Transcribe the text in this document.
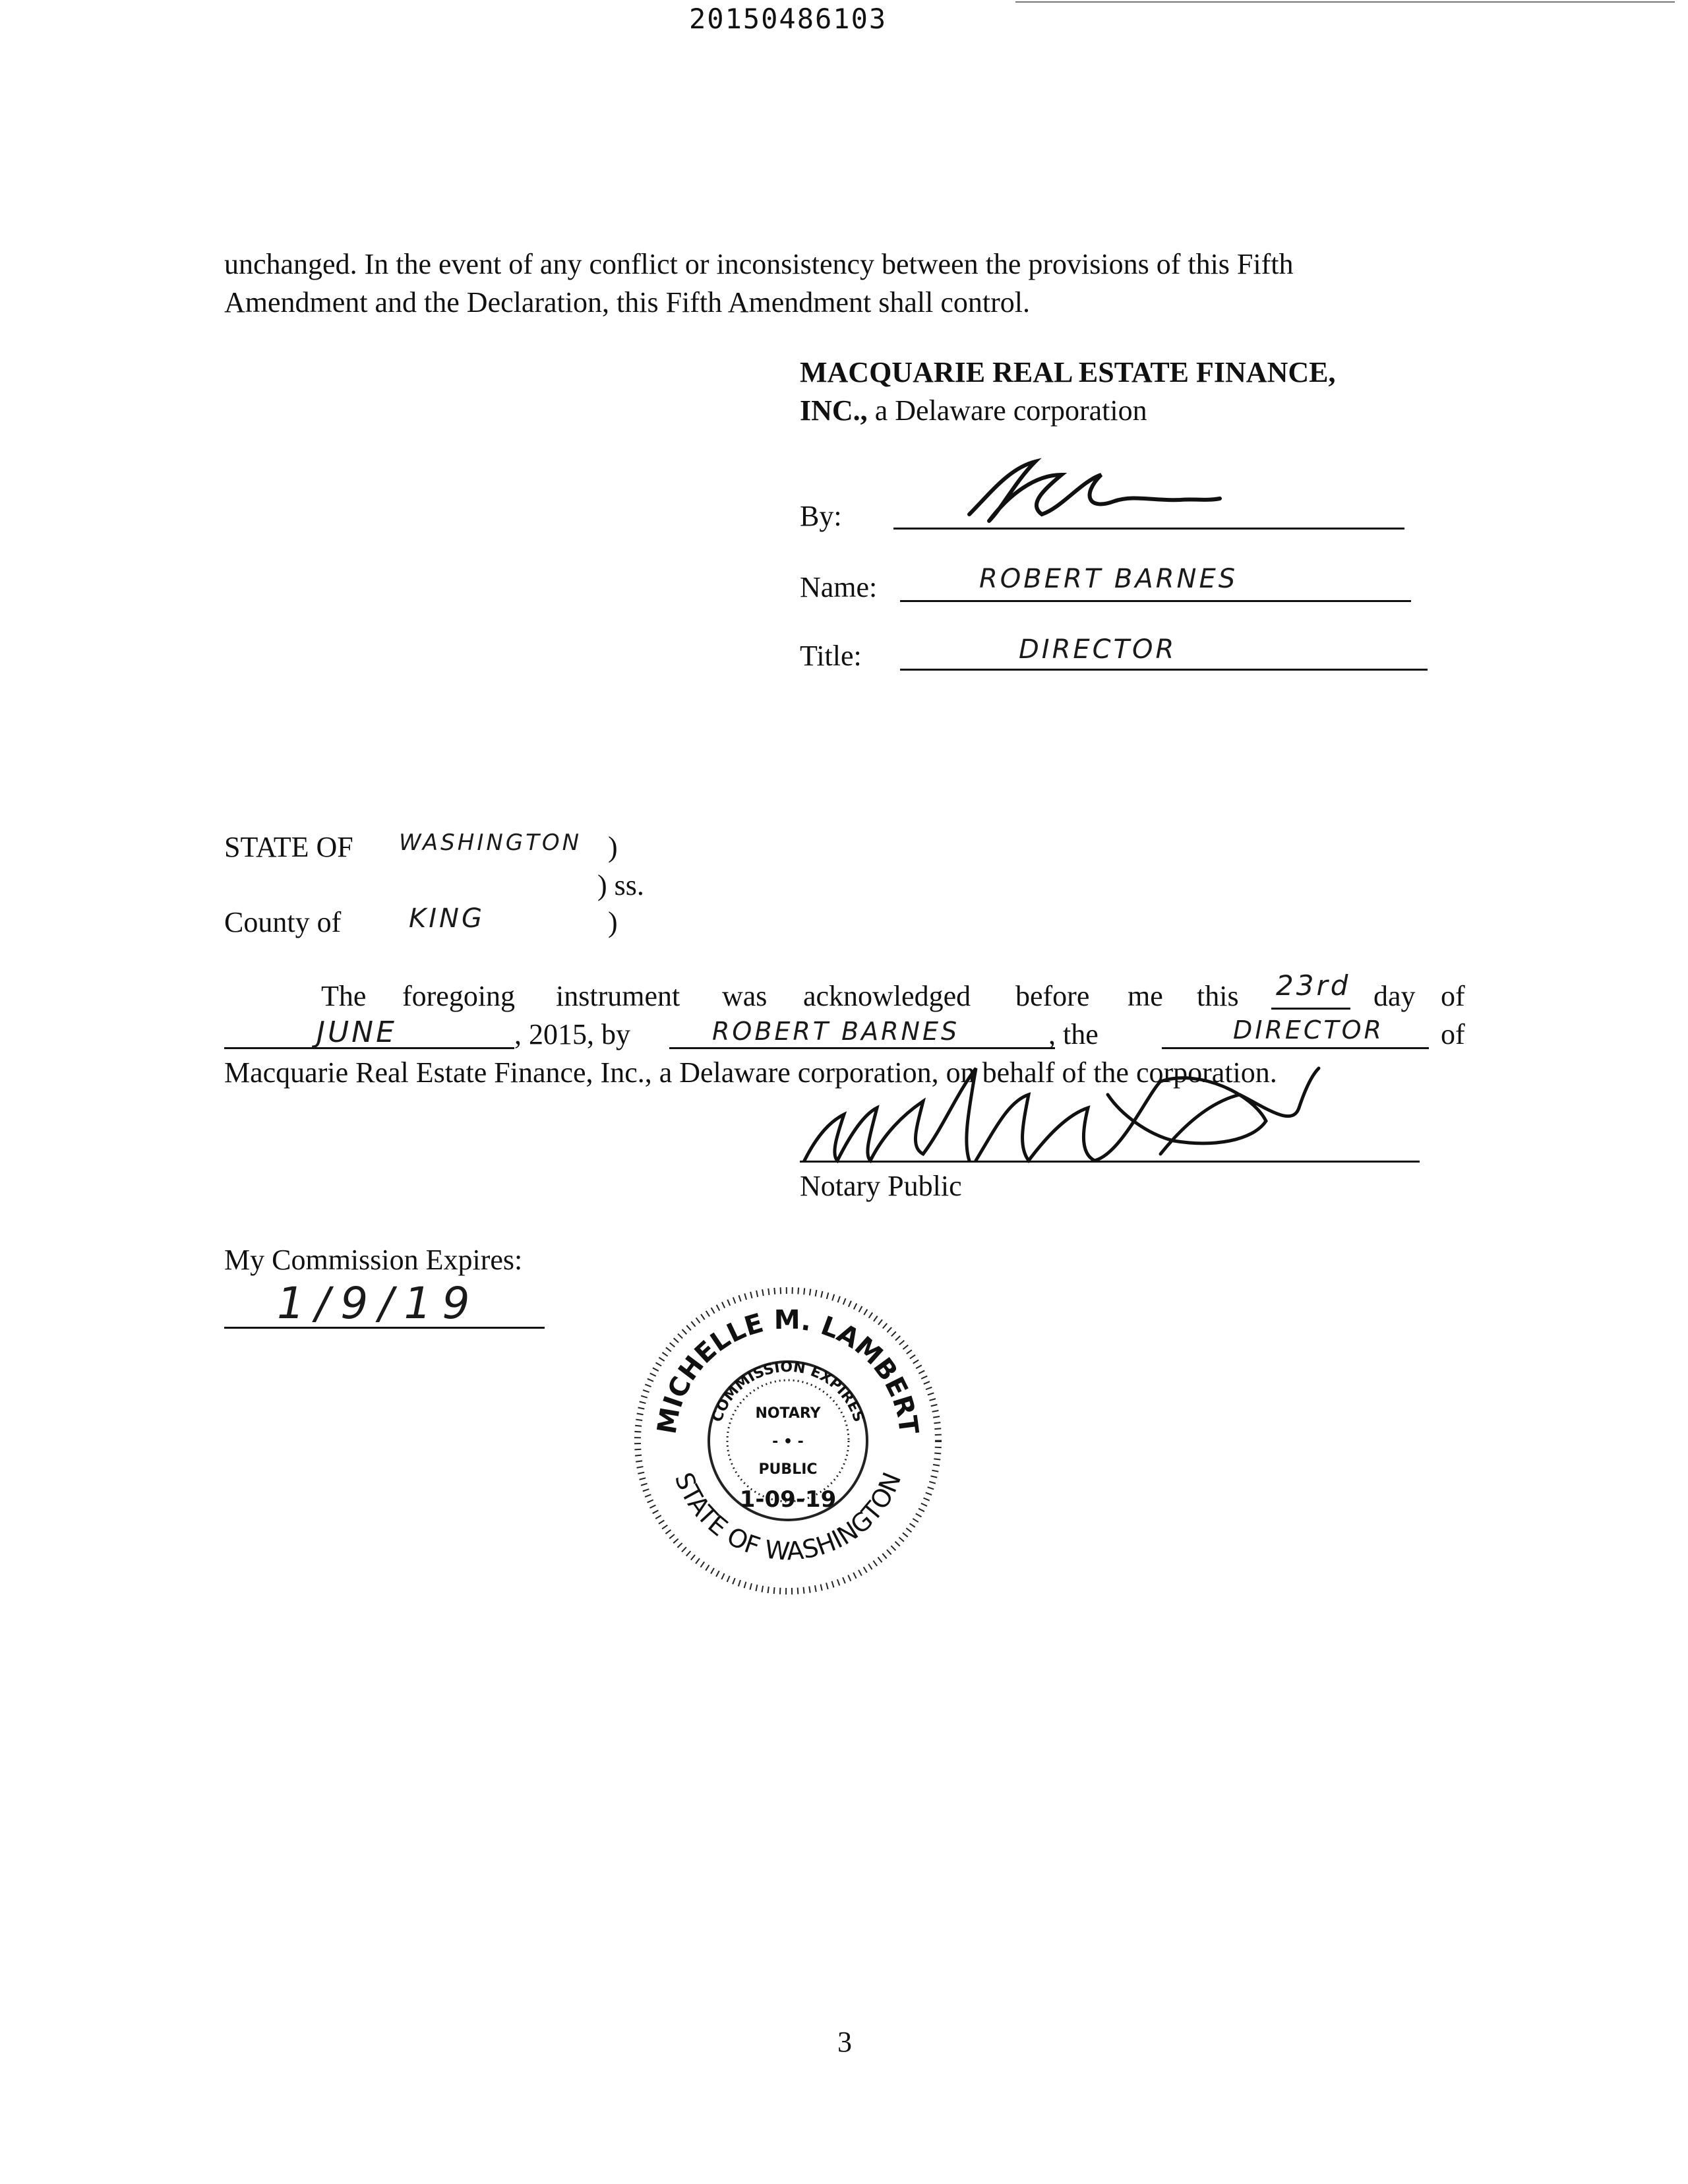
20150486103
unchanged. In the event of any conflict or inconsistency between the provisions of this Fifth
Amendment and the Declaration, this Fifth Amendment shall control.
MACQUARIE REAL ESTATE FINANCE,
INC., a Delaware corporation
By:
Name:	ROBERT BARNES
Title:	DIRECTOR
STATE OF WASHINGTON )
) ss.
County of	KING	)
The foregoing instrument was acknowledged before me this 23rd day of
JUNE	, 2015, by	ROBERT BARNES	, the	DIRECTOR of
Macquarie Real Estate Finance, Inc., a Delaware corporation, on behalf of the corporation.
Notary Public
My Commission Expires:
1/9/19
MICHELLE M. LAMBERT
STATE OF WASHINGTON
COMMISSION EXPIRES
NOTARY
- • -
PUBLIC
1-09-19
3
